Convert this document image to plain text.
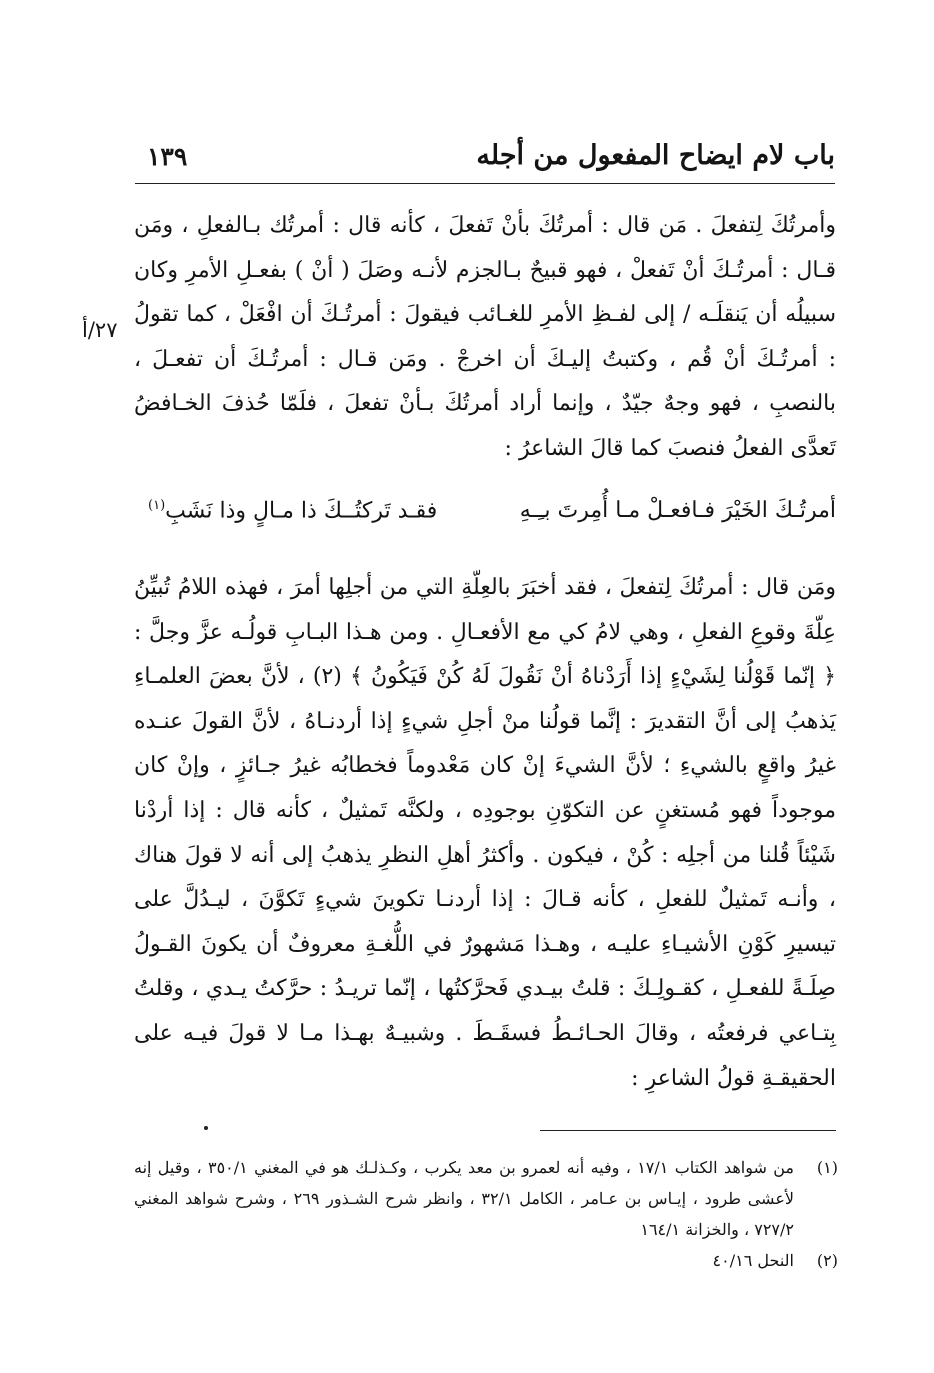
باب لام ايضاح المفعول من أجله
١٣٩
٢٧/أ

وأمرتُكَ لِتفعلَ . مَن قال : أمرتُكَ بأنْ تَفعلَ ، كأنه قال : أمرتُك بـالفعلِ ، ومَن قـال : أمرتُـكَ أنْ تَفعلْ ، فهو قبيحٌ بـالجزم لأنـه وصَلَ ( أنْ ) بفعـلِ الأمرِ وكان سبيلُه أن يَنقلَـه / إلى لفـظِ الأمرِ للغـائب فيقولَ : أمرتُـكَ أن افْعَلْ ، كما تقولُ : أمرتُـكَ أنْ قُم ، وكتبتُ إليـكَ أن اخرجْ . ومَن قـال : أمرتُـكَ أن تفعـلَ ، بالنصبِ ، فهو وجهٌ جيّدٌ ، وإنما أراد أمرتُكَ بـأنْ تفعلَ ، فلَمّا حُذفَ الخـافضُ تَعدَّى الفعلُ فنصبَ كما قالَ الشاعرُ :

أمرتُـكَ الخَيْرَ فـافعـلْ مـا أُمِرتَ بـِـهِ
فقـد تَركتُــكَ ذا مـالٍ وذا نَشَبِ$^{(١)}$

ومَن قال : أمرتُكَ لِتفعلَ ، فقد أخبَرَ بالعِلّةِ التي من أجلِها أمرَ ، فهذه اللامُ تُبيِّنُ عِلّةَ وقوعِ الفعلِ ، وهي لامُ كي مع الأفعـالِ . ومن هـذا البـابِ قولُـه عزَّ وجلَّ : ﴿ إنّما قَوْلُنا لِشَيْءٍ إذا أَرَدْناهُ أنْ نَقُولَ لَهُ كُنْ فَيَكُونُ ﴾ (٢) ، لأنَّ بعضَ العلمـاءِ يَذهبُ إلى أنَّ التقديرَ : إنَّما قولُنا منْ أجلِ شيءٍ إذا أردنـاهُ ، لأنَّ القولَ عنـده غيرُ واقعٍ بالشيءِ ؛ لأنَّ الشيءَ إنْ كان مَعْدوماً فخطابُه غيرُ جـائزٍ ، وإنْ كان موجوداً فهو مُستغنٍ عن التكوّنِ بوجودِه ، ولكنَّه تَمثيلٌ ، كأنه قال : إذا أردْنا شَيْئاً قُلنا من أجلِه : كُنْ ، فيكون . وأكثرُ أهلِ النظرِ يذهبُ إلى أنه لا قولَ هناك ، وأنـه تَمثيلٌ للفعلِ ، كأنه قـالَ : إذا أردنـا تكوينَ شيءٍ تَكوَّنَ ، ليـدُلَّ على تيسيرِ كَوْنِ الأشيـاءِ عليـه ، وهـذا مَشهورٌ في اللُّغـةِ معروفٌ أن يكونَ القـولُ صِلَـةً للفعـلِ ، كقـولِـكَ : قلتُ بيـدي فَحرَّكتُها ، إنّما تريـدُ : حرَّكتُ يـدي ، وقلتُ بِتـاعي فرفعتُه ، وقالَ الحـائـطُ فسقَـطَ . وشبيـهٌ بهـذا مـا لا قولَ فيـه على الحقيقـةِ قولُ الشاعرِ :

(١)
من شواهد الكتاب ١٧/١ ، وفيه أنه لعمرو بن معد يكرب ، وكـذلـك هو في المغني ٣٥٠/١ ، وقيل إنه لأعشى طرود ، إيـاس بن عـامر ، الكامل ٣٢/١ ، وانظر شرح الشـذور ٢٦٩ ، وشرح شواهد المغني ٧٢٧/٢ ، والخزانة ١٦٤/١
(٢)
النحل ٤٠/١٦
